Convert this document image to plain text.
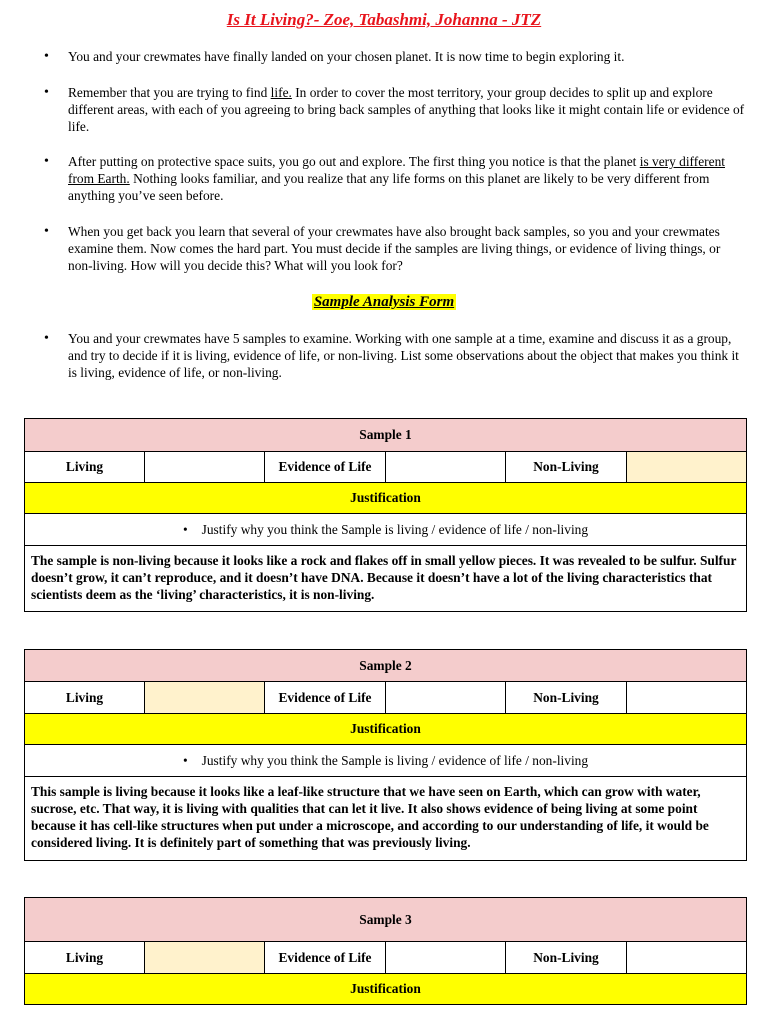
Is It Living?- Zoe, Tabashmi, Johanna - JTZ
• You and your crewmates have finally landed on your chosen planet. It is now time to begin exploring it.
• Remember that you are trying to find life. In order to cover the most territory, your group decides to split up and explore different areas, with each of you agreeing to bring back samples of anything that looks like it might contain life or evidence of life.
• After putting on protective space suits, you go out and explore. The first thing you notice is that the planet is very different from Earth. Nothing looks familiar, and you realize that any life forms on this planet are likely to be very different from anything you’ve seen before.
• When you get back you learn that several of your crewmates have also brought back samples, so you and your crewmates examine them. Now comes the hard part. You must decide if the samples are living things, or evidence of living things, or non-living. How will you decide this? What will you look for?
Sample Analysis Form
• You and your crewmates have 5 samples to examine. Working with one sample at a time, examine and discuss it as a group, and try to decide if it is living, evidence of life, or non-living. List some observations about the object that makes you think it is living, evidence of life, or non-living.
Sample 1
Living		Evidence of Life		Non-Living	
Justification
• Justify why you think the Sample is living / evidence of life / non-living
The sample is non-living because it looks like a rock and flakes off in small yellow pieces. It was revealed to be sulfur. Sulfur doesn’t grow, it can’t reproduce, and it doesn’t have DNA. Because it doesn’t have a lot of the living characteristics that scientists deem as the ‘living’ characteristics, it is non-living.
Sample 2
Living		Evidence of Life		Non-Living	
Justification
• Justify why you think the Sample is living / evidence of life / non-living
This sample is living because it looks like a leaf-like structure that we have seen on Earth, which can grow with water, sucrose, etc. That way, it is living with qualities that can let it live. It also shows evidence of being living at some point because it has cell-like structures when put under a microscope, and according to our understanding of life, it would be considered living. It is definitely part of something that was previously living.
Sample 3
Living		Evidence of Life		Non-Living	
Justification
